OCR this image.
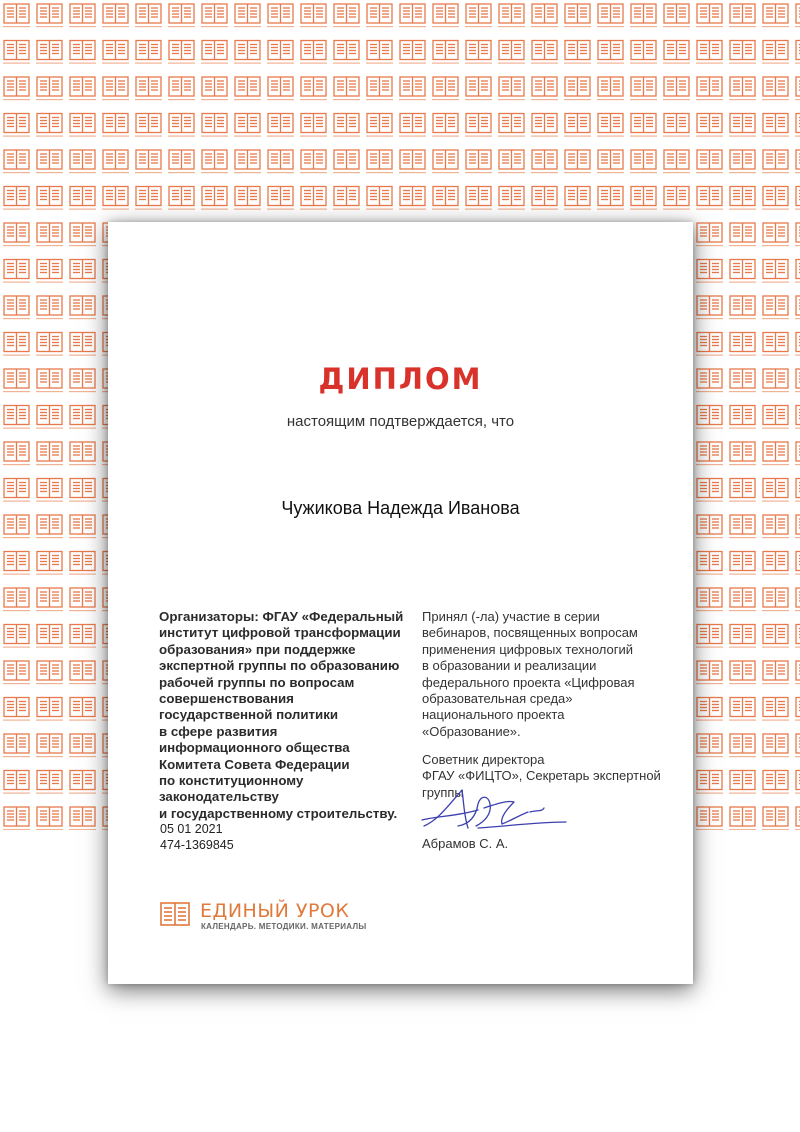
ДИПЛОМ
настоящим подтверждается, что
Чужикова Надежда Иванова
Организаторы: ФГАУ «Федеральный
институт цифровой трансформации
образования» при поддержке
экспертной группы по образованию
рабочей группы по вопросам
совершенствования
государственной политики
в сфере развития
информационного общества
Комитета Совета Федерации
по конституционному
законодательству
и государственному строительству.
05 01 2021
474-1369845
Принял (-ла) участие в серии
вебинаров, посвященных вопросам
применения цифровых технологий
в образовании и реализации
федерального проекта «Цифровая
образовательная среда»
национального проекта
«Образование».
Советник директора
ФГАУ «ФИЦТО», Секретарь экспертной
группы
Абрамов С. А.
ЕДИНЫЙ УРОК
КАЛЕНДАРЬ. МЕТОДИКИ. МАТЕРИАЛЫ
